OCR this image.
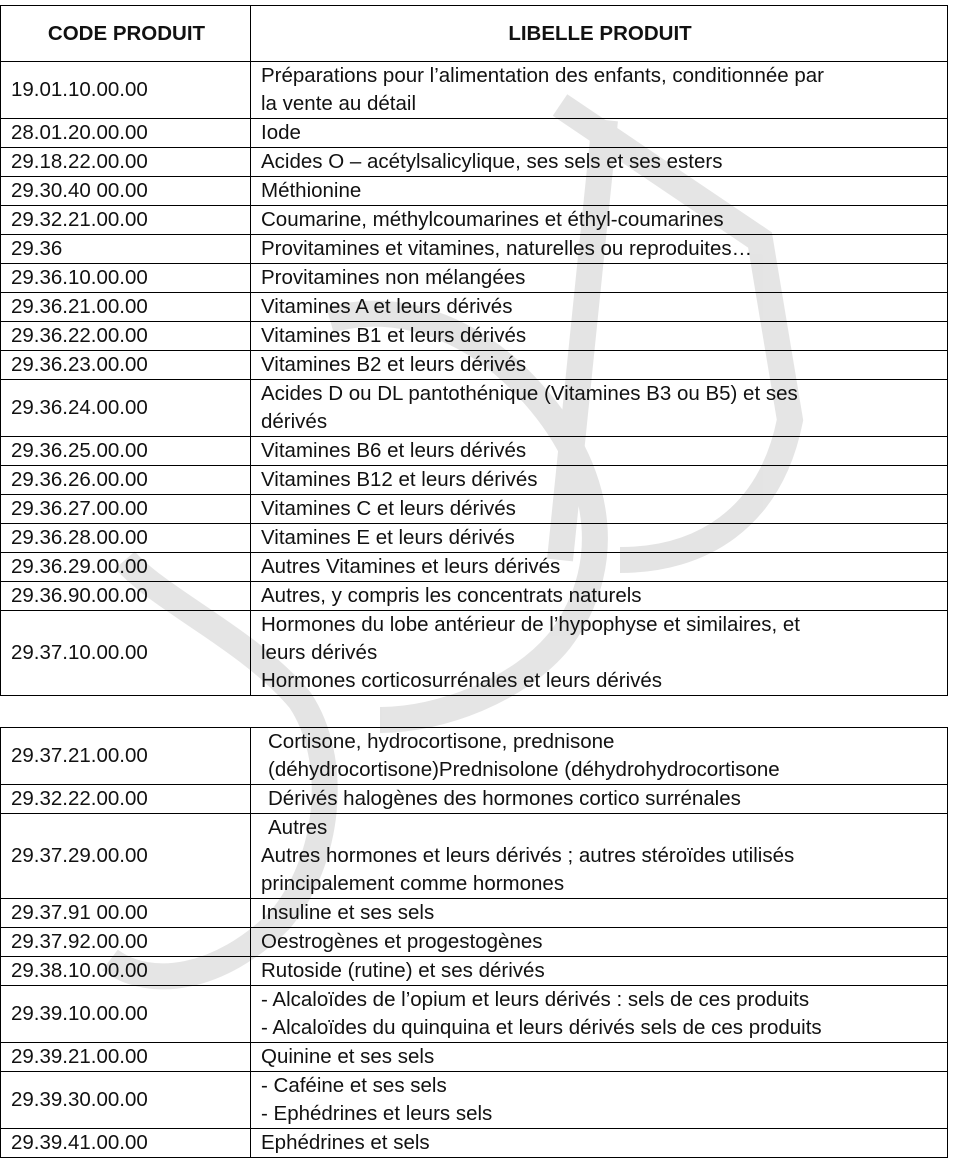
CODE PRODUIT	LIBELLE PRODUIT
19.01.10.00.00	Préparations pour l’alimentation des enfants, conditionnée par
la vente au détail

28.01.20.00.00	Iode

29.18.22.00.00	Acides O – acétylsalicylique, ses sels et ses esters

29.30.40 00.00	Méthionine

29.32.21.00.00	Coumarine, méthylcoumarines et éthyl-coumarines

29.36	Provitamines et vitamines, naturelles ou reproduites…

29.36.10.00.00	Provitamines non mélangées

29.36.21.00.00	Vitamines A et leurs dérivés

29.36.22.00.00	Vitamines B1 et leurs dérivés

29.36.23.00.00	Vitamines B2 et leurs dérivés

29.36.24.00.00	Acides D ou DL pantothénique (Vitamines B3 ou B5) et ses
dérivés

29.36.25.00.00	Vitamines B6 et leurs dérivés

29.36.26.00.00	Vitamines B12 et leurs dérivés

29.36.27.00.00	Vitamines C et leurs dérivés

29.36.28.00.00	Vitamines E et leurs dérivés

29.36.29.00.00	Autres Vitamines et leurs dérivés

29.36.90.00.00	Autres, y compris les concentrats naturels

29.37.10.00.00	Hormones du lobe antérieur de l’hypophyse et similaires, et
leurs dérivés
Hormones corticosurrénales et leurs dérivés
29.37.21.00.00	Cortisone, hydrocortisone, prednisone
(déhydrocortisone)Prednisolone (déhydrohydrocortisone

29.32.22.00.00	Dérivés halogènes des hormones cortico surrénales

29.37.29.00.00	Autres
Autres hormones et leurs dérivés ; autres stéroïdes utilisés
principalement comme hormones

29.37.91 00.00	Insuline et ses sels

29.37.92.00.00	Oestrogènes et progestogènes

29.38.10.00.00	Rutoside (rutine) et ses dérivés

29.39.10.00.00	- Alcaloïdes de l’opium et leurs dérivés : sels de ces produits
- Alcaloïdes du quinquina et leurs dérivés sels de ces produits

29.39.21.00.00	Quinine et ses sels

29.39.30.00.00	- Caféine et ses sels
- Ephédrines et leurs sels

29.39.41.00.00	Ephédrines et sels
